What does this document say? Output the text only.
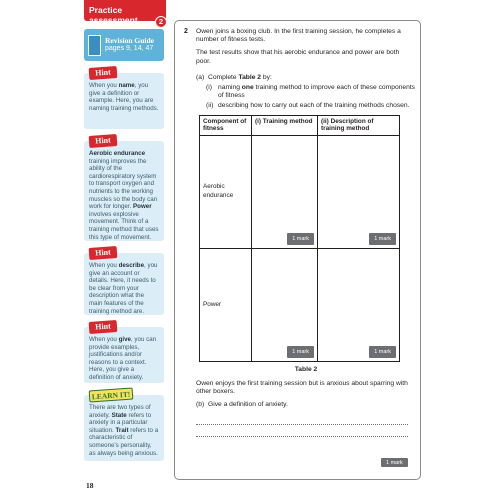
Practice assessment	2
Revision Guide
pages 9, 14, 47
Hint
When you name, you give a definition or example. Here, you are naming training methods.
Hint
Aerobic endurance training improves the ability of the cardiorespiratory system to transport oxygen and nutrients to the working muscles so the body can work for longer. Power involves explosive movement. Think of a training method that uses this type of movement.
Hint
When you describe, you give an account or details. Here, it needs to be clear from your description what the main features of the training method are.
Hint
When you give, you can provide examples, justifications and/or reasons to a context. Here, you give a definition of anxiety.
LEARN IT!
There are two types of anxiety. State refers to anxiety in a particular situation. Trait refers to a characteristic of someone's personality, as always being anxious.
18
2 Owen joins a boxing club. In the first training session, he completes a number of fitness tests.

The test results show that his aerobic endurance and power are both poor.

(a) Complete Table 2 by:
(i) naming one training method to improve each of these components of fitness
(ii) describing how to carry out each of the training methods chosen.
Component of fitness	(i) Training method	(ii) Description of training method
Aerobic endurance	1 mark	1 mark

Power	1 mark	1 mark
Table 2

Owen enjoys the first training session but is anxious about sparring with other boxers.

(b) Give a definition of anxiety.
1 mark
